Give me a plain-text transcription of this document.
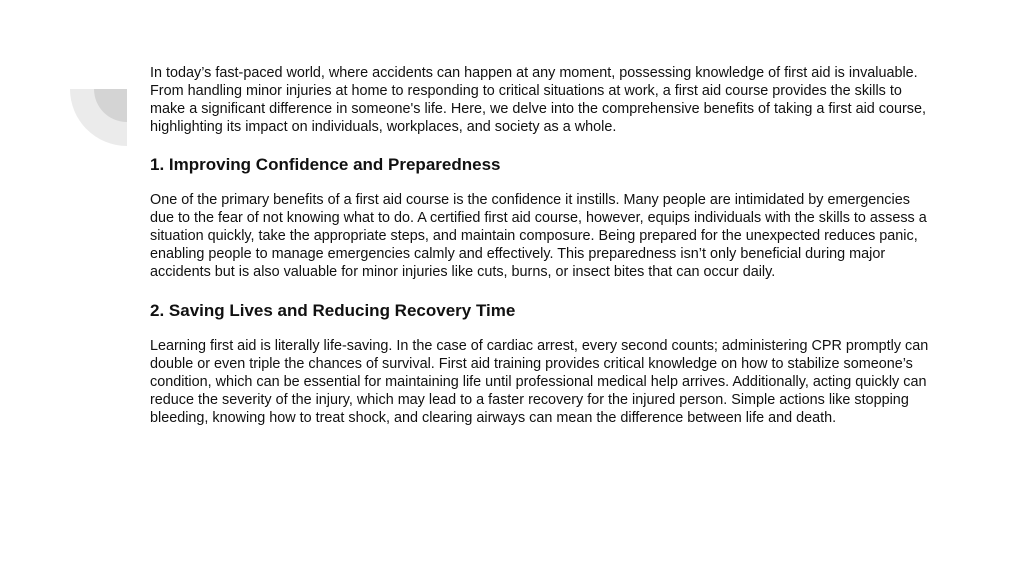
In today’s fast-paced world, where accidents can happen at any moment, possessing knowledge of first aid is invaluable. From handling minor injuries at home to responding to critical situations at work, a first aid course provides the skills to make a significant difference in someone's life. Here, we delve into the comprehensive benefits of taking a first aid course, highlighting its impact on individuals, workplaces, and society as a whole.

1. Improving Confidence and Preparedness

One of the primary benefits of a first aid course is the confidence it instills. Many people are intimidated by emergencies due to the fear of not knowing what to do. A certified first aid course, however, equips individuals with the skills to assess a situation quickly, take the appropriate steps, and maintain composure. Being prepared for the unexpected reduces panic, enabling people to manage emergencies calmly and effectively. This preparedness isn’t only beneficial during major accidents but is also valuable for minor injuries like cuts, burns, or insect bites that can occur daily.

2. Saving Lives and Reducing Recovery Time

Learning first aid is literally life-saving. In the case of cardiac arrest, every second counts; administering CPR promptly can double or even triple the chances of survival. First aid training provides critical knowledge on how to stabilize someone’s condition, which can be essential for maintaining life until professional medical help arrives. Additionally, acting quickly can reduce the severity of the injury, which may lead to a faster recovery for the injured person. Simple actions like stopping bleeding, knowing how to treat shock, and clearing airways can mean the difference between life and death.
